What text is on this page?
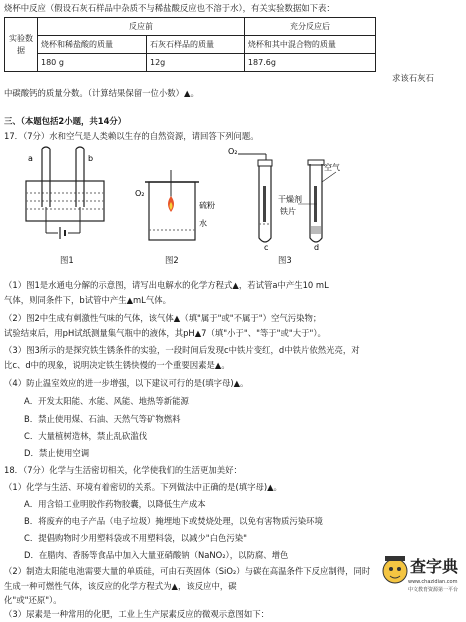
烧杯中反应（假设石灰石样品中杂质不与稀盐酸反应也不溶于水），有关实验数据如下表：
实验数据	反应前		充分反应后
	烧杯和稀盐酸的质量	石灰石样品的质量	烧杯和其中混合物的质量
	180 g	12g	187.6g
求该石灰石
中碳酸钙的质量分数。（计算结果保留一位小数）▲。
三、（本题包括2小题，共14分）
17．（7分）水和空气是人类赖以生存的自然资源，请回答下列问题。
a	b
图1
O₂
硫粉
水
图2
O₂
c	d
空气
干燥剂
铁片
图3
（1）图1是水通电分解的示意图，请写出电解水的化学方程式▲，若试管a中产生10 mL
气体，则同条件下，b试管中产生▲mL气体。
（2）图2中生成有刺激性气味的气体，该气体▲（填"属于"或"不属于"）空气污染物；
试验结束后，用pH试纸测量集气瓶中的液体，其pH▲7（填"小于"、"等于"或"大于"）。
（3）图3所示的是探究铁生锈条件的实验，一段时间后发现c中铁片变红，d中铁片依然光亮，对
比c、d中的现象，说明决定铁生锈快慢的一个重要因素是▲。
（4）防止温室效应的进一步增强，以下建议可行的是(填字母)▲。
A．开发太阳能、水能、风能、地热等新能源
B．禁止使用煤、石油、天然气等矿物燃料
C．大量植树造林，禁止乱砍滥伐
D．禁止使用空调
18．（7分）化学与生活密切相关，化学使我们的生活更加美好：
（1）化学与生活、环境有着密切的关系。下列做法中正确的是(填字母)▲。
A．用含铅工业明胶作药物胶囊，以降低生产成本
B．将废弃的电子产品（电子垃圾）掩埋地下或焚烧处理，以免有害物质污染环境
C．提倡购物时少用塑料袋或不用塑料袋，以减少"白色污染"
D．在腊肉、香肠等食品中加入大量亚硝酸钠（NaNO₂），以防腐、增色
（2）制造太阳能电池需要大量的单质硅，可由石英固体（SiO₂）与碳在高温条件下反应制得，同时
生成一种可燃性气体，该反应的化学方程式为▲，该反应中，碳
化"或"还原"）。
（3）尿素是一种常用的化肥，工业上生产尿素反应的微观示意图如下：
查字典
www.chazidian.com
中文教育资源第一平台
